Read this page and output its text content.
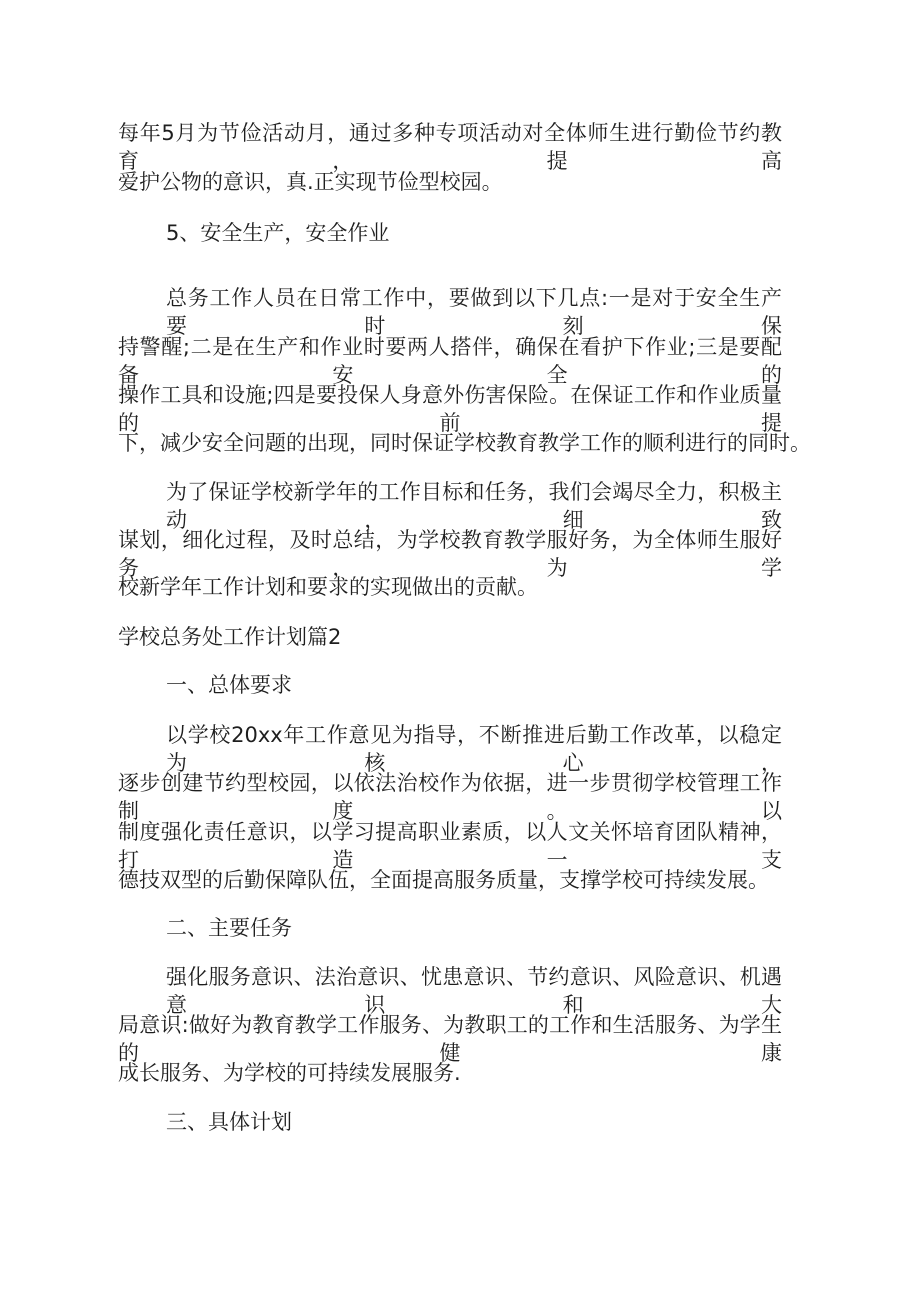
每年5月为节俭活动月，通过多种专项活动对全体师生进行勤俭节约教育，提高
爱护公物的意识，真.正实现节俭型校园。
5、安全生产，安全作业
总务工作人员在日常工作中，要做到以下几点:一是对于安全生产要时刻保
持警醒;二是在生产和作业时要两人搭伴，确保在看护下作业;三是要配备安全的
操作工具和设施;四是要投保人身意外伤害保险。在保证工作和作业质量的前提
下，减少安全问题的出现，同时保证学校教育教学工作的顺利进行的同时。
为了保证学校新学年的工作目标和任务，我们会竭尽全力，积极主动，细致
谋划，细化过程，及时总结，为学校教育教学服好务，为全体师生服好务，为学
校新学年工作计划和要求的实现做出的贡献。
学校总务处工作计划篇2
一、总体要求
以学校20xx年工作意见为指导，不断推进后勤工作改革，以稳定为核心，
逐步创建节约型校园，以依法治校作为依据，进一步贯彻学校管理工作制度。以
制度强化责任意识，以学习提高职业素质，以人文关怀培育团队精神，打造一支
德技双型的后勤保障队伍，全面提高服务质量，支撑学校可持续发展。
二、主要任务
强化服务意识、法治意识、忧患意识、节约意识、风险意识、机遇意识和大
局意识:做好为教育教学工作服务、为教职工的工作和生活服务、为学生的健康
成长服务、为学校的可持续发展服务.
三、具体计划
